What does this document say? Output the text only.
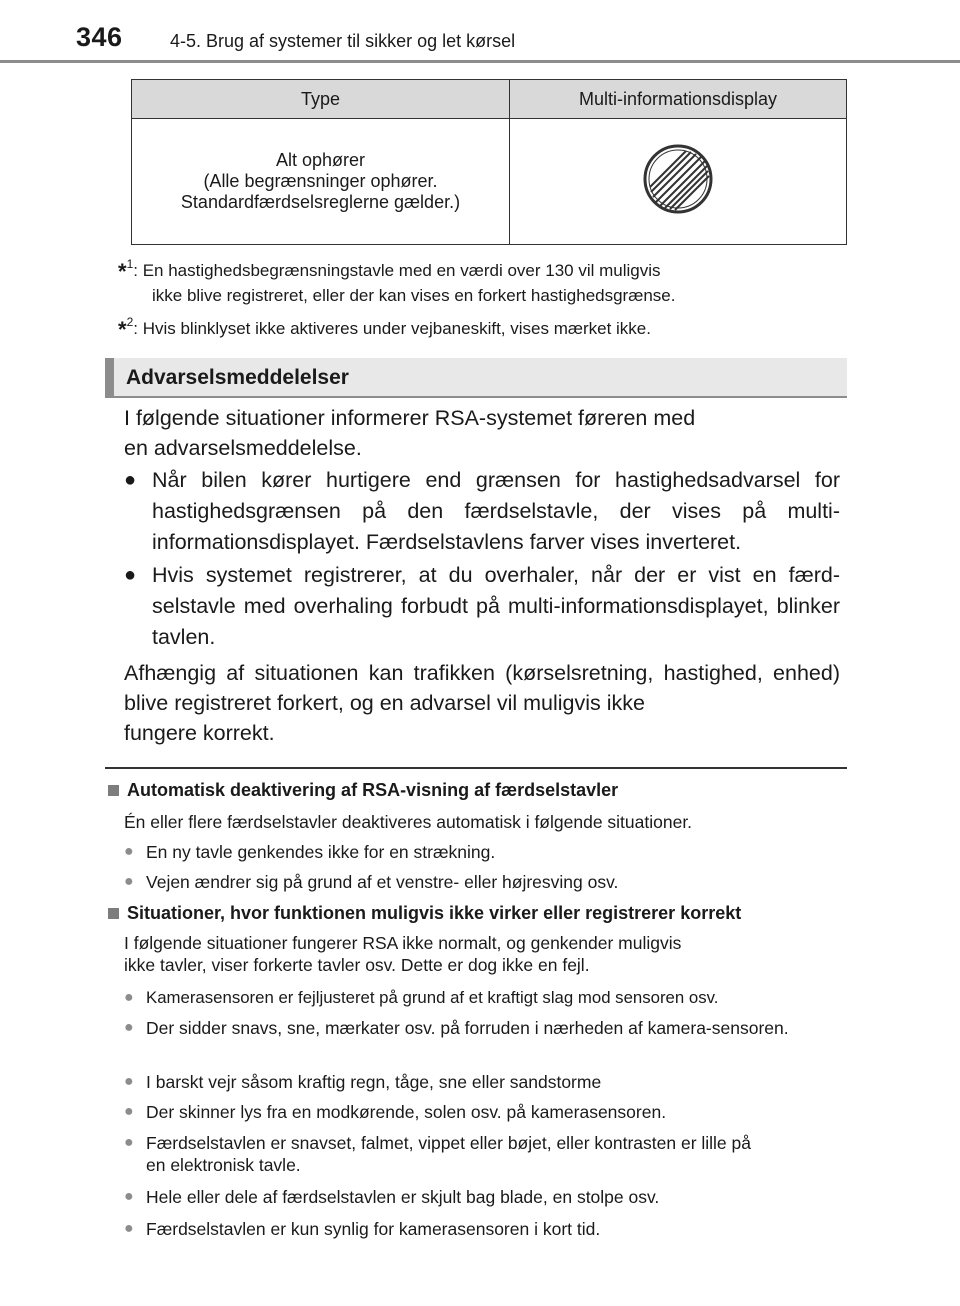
346	4-5. Brug af systemer til sikker og let kørsel
Type	Multi-informationsdisplay

Alt ophører
(Alle begrænsninger ophører.
Standardfærdselsreglerne gælder.)

*$^1$: En hastighedsbegrænsningstavle med en værdi over 130 vil muligvis
ikke blive registreret, eller der kan vises en forkert hastighedsgrænse.
*$^2$: Hvis blinklyset ikke aktiveres under vejbaneskift, vises mærket ikke.
Advarselsmeddelelser
I følgende situationer informerer RSA-systemet føreren med
en advarselsmeddelelse.
● Når bilen kører hurtigere end grænsen for hastighedsadvarsel for hastighedsgrænsen på den færdselstavle, der vises på multi-informationsdisplayet. Færdselstavlens farver vises inverteret.
● Hvis systemet registrerer, at du overhaler, når der er vist en færd-selstavle med overhaling forbudt på multi-informationsdisplayet, blinker tavlen.
Afhængig af situationen kan trafikken (kørselsretning, hastighed, enhed) blive registreret forkert, og en advarsel vil muligvis ikke
fungere korrekt.
Automatisk deaktivering af RSA-visning af færdselstavler
Én eller flere færdselstavler deaktiveres automatisk i følgende situationer.
● En ny tavle genkendes ikke for en strækning.
● Vejen ændrer sig på grund af et venstre- eller højresving osv.
Situationer, hvor funktionen muligvis ikke virker eller registrerer korrekt
I følgende situationer fungerer RSA ikke normalt, og genkender muligvis
ikke tavler, viser forkerte tavler osv. Dette er dog ikke en fejl.
● Kamerasensoren er fejljusteret på grund af et kraftigt slag mod sensoren osv.
● Der sidder snavs, sne, mærkater osv. på forruden i nærheden af kamera-sensoren.
● I barskt vejr såsom kraftig regn, tåge, sne eller sandstorme
● Der skinner lys fra en modkørende, solen osv. på kamerasensoren.
● Færdselstavlen er snavset, falmet, vippet eller bøjet, eller kontrasten er lille på en elektronisk tavle.
● Hele eller dele af færdselstavlen er skjult bag blade, en stolpe osv.
● Færdselstavlen er kun synlig for kamerasensoren i kort tid.
